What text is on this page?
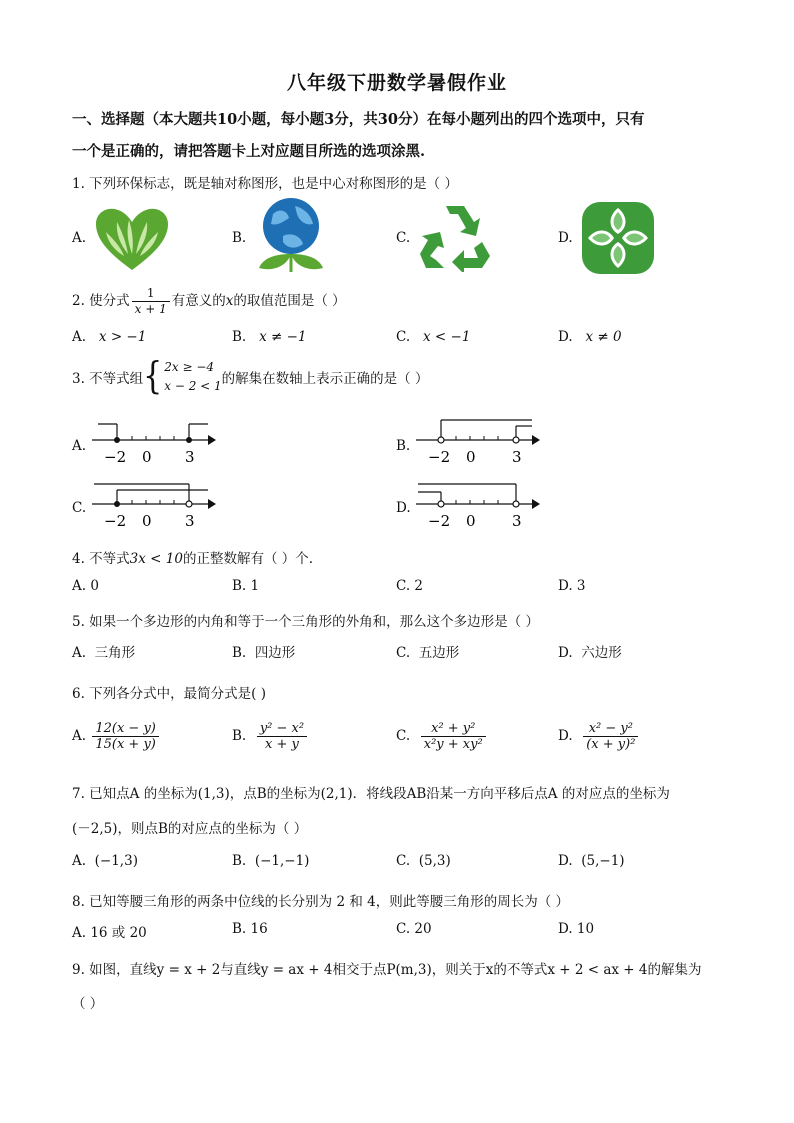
八年级下册数学暑假作业
一、选择题（本大题共10小题，每小题3分，共30分）在每小题列出的四个选项中，只有
一个是正确的，请把答题卡上对应题目所选的选项涂黑.
1. 下列环保标志，既是轴对称图形，也是中心对称图形的是（ ）
A.	B.	C.	D.
2. 使分式 $\frac{1}{x + 1}$ 有意义的x的取值范围是（ ）
A. x > −1	B. x ≠ −1	C. x < −1	D. x ≠ 0
3. 不等式组{ 2x ≥ −4
x − 2 < 1 的解集在数轴上表示正确的是（ ）
A.
−2 0 3
B.
−2 0 3
C.
−2 0 3
D.
−2 0 3
4. 不等式3x < 10的正整数解有（ ）个.
A. 0	B. 1	C. 2	D. 3
5. 如果一个多边形的内角和等于一个三角形的外角和，那么这个多边形是（ ）
A. 三角形	B. 四边形	C. 五边形	D. 六边形
6. 下列各分式中，最简分式是( )
A. $\frac{12(x - y)}{15(x + y)}$	B. $\frac{\text{y² − x²}}{x + y}$	C. $\frac{\text{x² + y²}}{\text{x²y + xy²}}$	D. $\frac{\text{x² − y²}}{\text{(x + y)²}}$
7. 已知点A 的坐标为(1,3)，点B的坐标为(2,1)．将线段AB沿某一方向平移后点A 的对应点的坐标为
(－2,5)，则点B的对应点的坐标为（ ）
A. (−1,3)	B. (−1,−1)	C. (5,3)	D. (5,−1)
8. 已知等腰三角形的两条中位线的长分别为 2 和 4，则此等腰三角形的周长为（ ）
A. 16 或 20	B. 16	C. 20	D. 10
9. 如图，直线y = x + 2与直线y = ax + 4相交于点P(m,3)，则关于x的不等式x + 2 < ax + 4的解集为
（ ）
